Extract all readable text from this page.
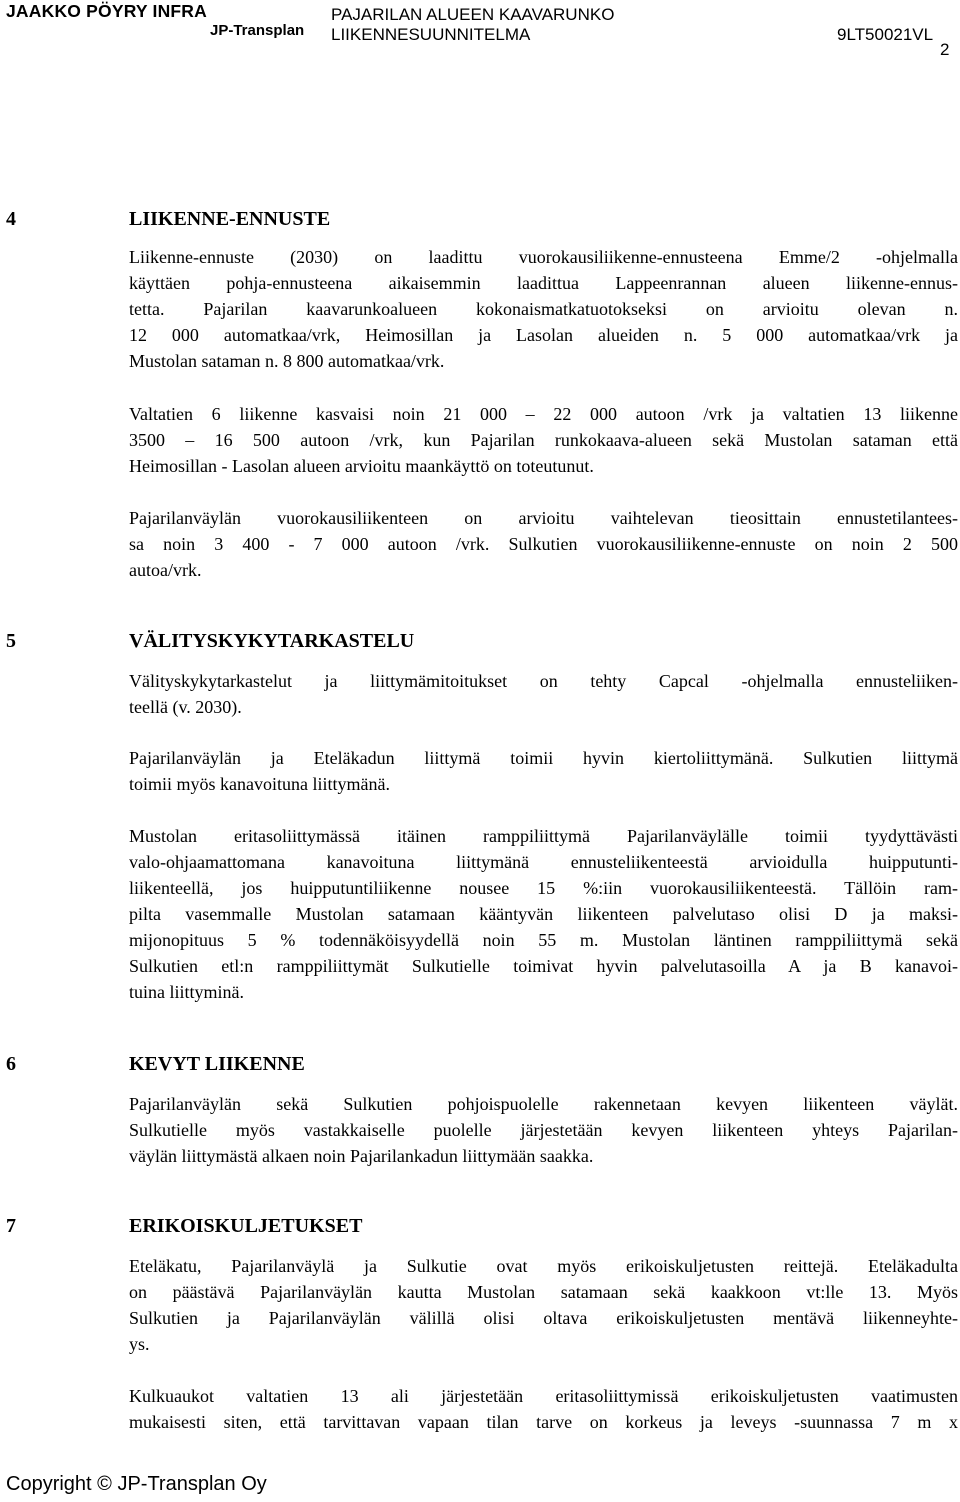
JAAKKO PÖYRY INFRA
JP-Transplan
PAJARILAN ALUEEN KAAVARUNKO
LIIKENNESUUNNITELMA	9LT50021VL
2
4	LIIKENNE-ENNUSTE
Liikenne-ennuste (2030) on laadittu vuorokausiliikenne-ennusteena Emme/2 -ohjelmalla
käyttäen pohja-ennusteena aikaisemmin laadittua Lappeenrannan alueen liikenne-ennus-
tetta. Pajarilan kaavarunkoalueen kokonaismatkatuotokseksi on arvioitu olevan n.
12 000 automatkaa/vrk, Heimosillan ja Lasolan alueiden n. 5 000 automatkaa/vrk ja
Mustolan sataman n. 8 800 automatkaa/vrk.
Valtatien 6 liikenne kasvaisi noin 21 000 – 22 000 autoon /vrk ja valtatien 13 liikenne
3500 – 16 500 autoon /vrk, kun Pajarilan runkokaava-alueen sekä Mustolan sataman että
Heimosillan - Lasolan alueen arvioitu maankäyttö on toteutunut.
Pajarilanväylän vuorokausiliikenteen on arvioitu vaihtelevan tieosittain ennustetilantees-
sa noin 3 400 - 7 000 autoon /vrk. Sulkutien vuorokausiliikenne-ennuste on noin 2 500
autoa/vrk.
5	VÄLITYSKYKYTARKASTELU
Välityskykytarkastelut ja liittymämitoitukset on tehty Capcal -ohjelmalla ennusteliiken-
teellä (v. 2030).
Pajarilanväylän ja Eteläkadun liittymä toimii hyvin kiertoliittymänä. Sulkutien liittymä
toimii myös kanavoituna liittymänä.
Mustolan eritasoliittymässä itäinen ramppiliittymä Pajarilanväylälle toimii tyydyttävästi
valo-ohjaamattomana kanavoituna liittymänä ennusteliikenteestä arvioidulla huipputunti-
liikenteellä, jos huipputuntiliikenne nousee 15 %:iin vuorokausiliikenteestä. Tällöin ram-
pilta vasemmalle Mustolan satamaan kääntyvän liikenteen palvelutaso olisi D ja maksi-
mijonopituus 5 % todennäköisyydellä noin 55 m. Mustolan läntinen ramppiliittymä sekä
Sulkutien etl:n ramppiliittymät Sulkutielle toimivat hyvin palvelutasoilla A ja B kanavoi-
tuina liittyminä.
6	KEVYT LIIKENNE
Pajarilanväylän sekä Sulkutien pohjoispuolelle rakennetaan kevyen liikenteen väylät.
Sulkutielle myös vastakkaiselle puolelle järjestetään kevyen liikenteen yhteys Pajarilan-
väylän liittymästä alkaen noin Pajarilankadun liittymään saakka.
7	ERIKOISKULJETUKSET
Eteläkatu, Pajarilanväylä ja Sulkutie ovat myös erikoiskuljetusten reittejä. Eteläkadulta
on päästävä Pajarilanväylän kautta Mustolan satamaan sekä kaakkoon vt:lle 13. Myös
Sulkutien ja Pajarilanväylän välillä olisi oltava erikoiskuljetusten mentävä liikenneyhte-
ys.
Kulkuaukot valtatien 13 ali järjestetään eritasoliittymissä erikoiskuljetusten vaatimusten
mukaisesti siten, että tarvittavan vapaan tilan tarve on korkeus ja leveys -suunnassa 7 m x
Copyright © JP-Transplan Oy
